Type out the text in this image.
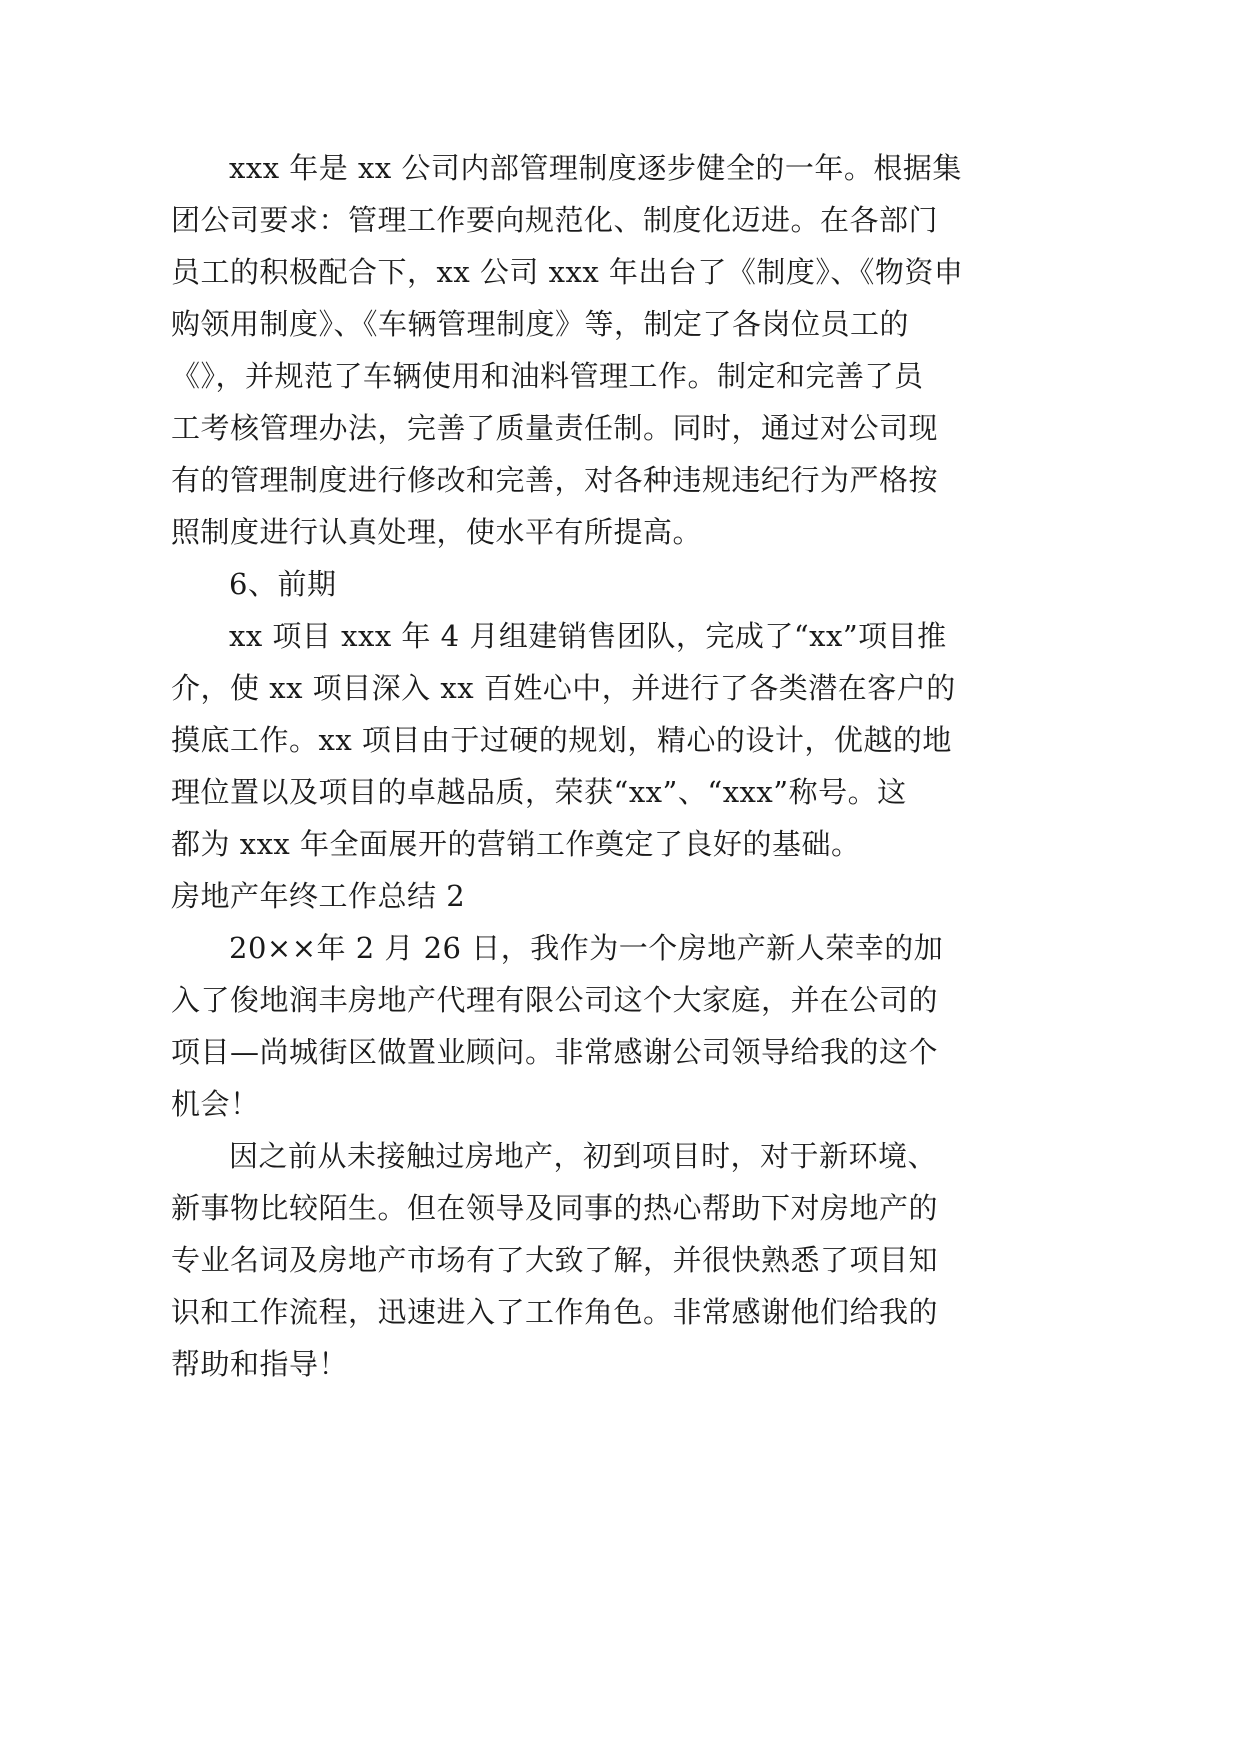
xxx 年是 xx 公司内部管理制度逐步健全的一年。根据集
团公司要求：管理工作要向规范化、制度化迈进。在各部门
员工的积极配合下，xx 公司 xxx 年出台了《制度》、《物资申
购领用制度》、《车辆管理制度》等，制定了各岗位员工的
《》，并规范了车辆使用和油料管理工作。制定和完善了员
工考核管理办法，完善了质量责任制。同时，通过对公司现
有的管理制度进行修改和完善，对各种违规违纪行为严格按
照制度进行认真处理，使水平有所提高。
6、前期
xx 项目 xxx 年 4 月组建销售团队，完成了“xx”项目推
介，使 xx 项目深入 xx 百姓心中，并进行了各类潜在客户的
摸底工作。xx 项目由于过硬的规划，精心的设计，优越的地
理位置以及项目的卓越品质，荣获“xx”、“xxx”称号。这
都为 xxx 年全面展开的营销工作奠定了良好的基础。
房地产年终工作总结 2
20××年 2 月 26 日，我作为一个房地产新人荣幸的加
入了俊地润丰房地产代理有限公司这个大家庭，并在公司的
项目—尚城街区做置业顾问。非常感谢公司领导给我的这个
机会！
因之前从未接触过房地产，初到项目时，对于新环境、
新事物比较陌生。但在领导及同事的热心帮助下对房地产的
专业名词及房地产市场有了大致了解，并很快熟悉了项目知
识和工作流程，迅速进入了工作角色。非常感谢他们给我的
帮助和指导！
